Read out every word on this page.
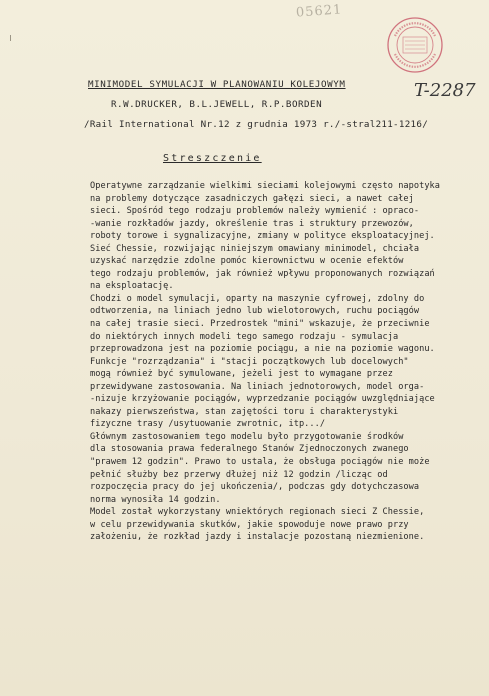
05621
T-2287
MINIMODEL SYMULACJI W PLANOWANIU KOLEJOWYM
R.W.DRUCKER, B.L.JEWELL, R.P.BORDEN
/Rail International Nr.12 z grudnia 1973 r./-stral211-1216/
Streszczenie
Operatywne zarządzanie wielkimi sieciami kolejowymi często napotyka
na problemy dotyczące zasadniczych gałęzi sieci, a nawet całej
sieci. Spośród tego rodzaju problemów należy wymienić : opraco-
-wanie rozkładów jazdy, określenie tras i struktury przewozów,
roboty torowe i sygnalizacyjne, zmiany w polityce eksploatacyjnej.
Sieć Chessie, rozwijając niniejszym omawiany minimodel, chciała
uzyskać narzędzie zdolne pomóc kierownictwu w ocenie efektów
tego rodzaju problemów, jak również wpływu proponowanych rozwiązań
na eksploatację.
Chodzi o model symulacji, oparty na maszynie cyfrowej, zdolny do
odtworzenia, na liniach jedno lub wielotorowych, ruchu pociągów
na całej trasie sieci. Przedrostek "mini" wskazuje, że przeciwnie
do niektórych innych modeli tego samego rodzaju - symulacja
przeprowadzona jest na poziomie pociągu, a nie na poziomie wagonu.
Funkcje "rozrządzania" i "stacji początkowych lub docelowych"
mogą również być symulowane, jeżeli jest to wymagane przez
przewidywane zastosowania. Na liniach jednotorowych, model orga-
-nizuje krzyżowanie pociągów, wyprzedzanie pociągów uwzględniające
nakazy pierwszeństwa, stan zajętości toru i charakterystyki
fizyczne trasy /usytuowanie zwrotnic, itp.../
Głównym zastosowaniem tego modelu było przygotowanie środków
dla stosowania prawa federalnego Stanów Zjednoczonych zwanego
"prawem 12 godzin". Prawo to ustala, że obsługa pociągów nie może
pełnić służby bez przerwy dłużej niż 12 godzin /licząc od
rozpoczęcia pracy do jej ukończenia/, podczas gdy dotychczasowa
norma wynosiła 14 godzin.
Model został wykorzystany wniektórych regionach sieci Z Chessie,
w celu przewidywania skutków, jakie spowoduje nowe prawo przy
założeniu, że rozkład jazdy i instalacje pozostaną niezmienione.
